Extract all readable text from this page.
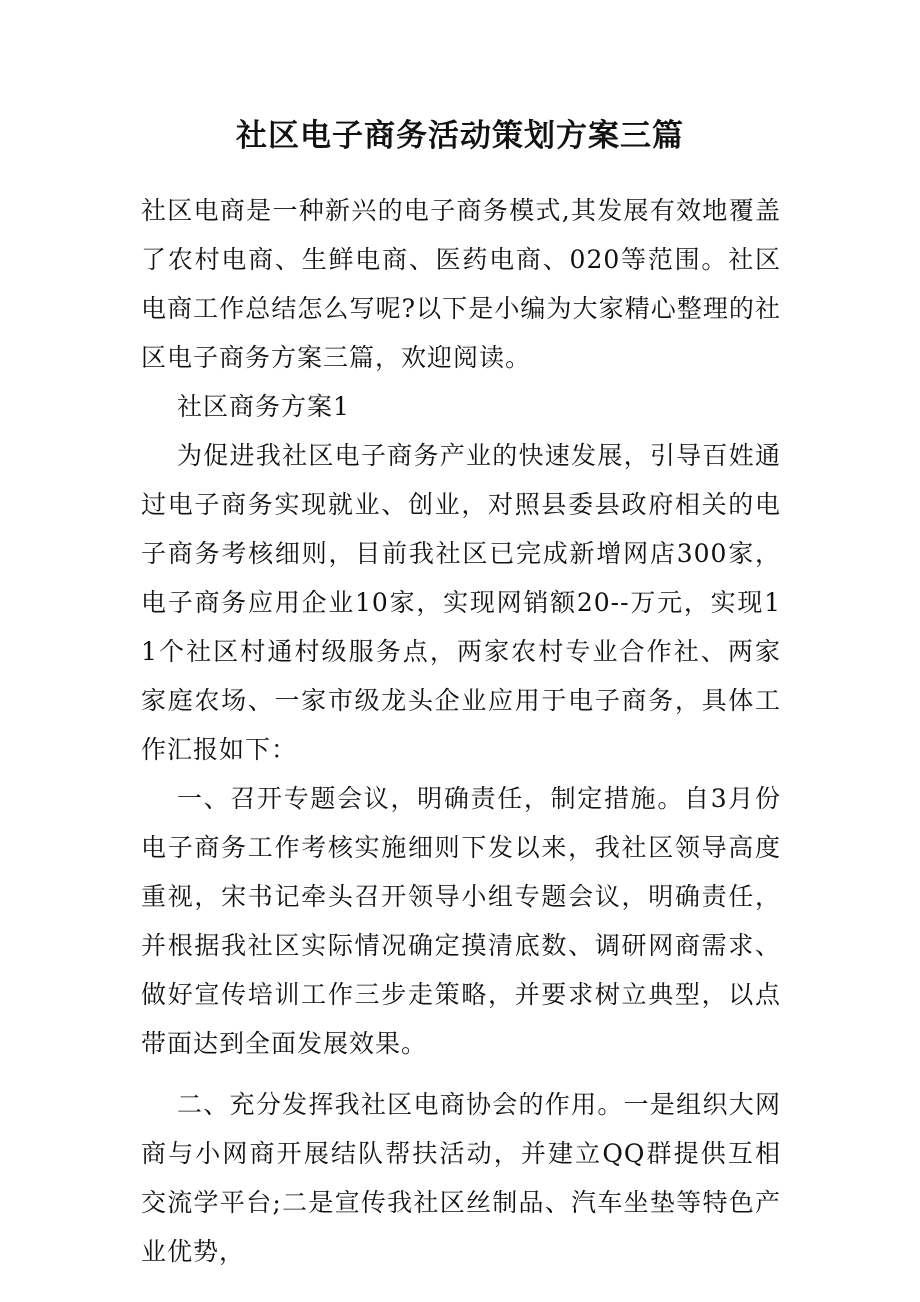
社区电子商务活动策划方案三篇

社区电商是一种新兴的电子商务模式,其发展有效地覆盖了农村电商、生鲜电商、医药电商、020等范围。社区电商工作总结怎么写呢?以下是小编为大家精心整理的社区电子商务方案三篇，欢迎阅读。

社区商务方案1

为促进我社区电子商务产业的快速发展，引导百姓通过电子商务实现就业、创业，对照县委县政府相关的电子商务考核细则，目前我社区已完成新增网店300家，电子商务应用企业10家，实现网销额20--万元，实现11个社区村通村级服务点，两家农村专业合作社、两家家庭农场、一家市级龙头企业应用于电子商务，具体工作汇报如下：

一、召开专题会议，明确责任，制定措施。自3月份电子商务工作考核实施细则下发以来，我社区领导高度重视，宋书记牵头召开领导小组专题会议，明确责任，并根据我社区实际情况确定摸清底数、调研网商需求、做好宣传培训工作三步走策略，并要求树立典型，以点带面达到全面发展效果。

二、充分发挥我社区电商协会的作用。一是组织大网商与小网商开展结队帮扶活动，并建立QQ群提供互相交流学平台;二是宣传我社区丝制品、汽车坐垫等特色产业优势，
